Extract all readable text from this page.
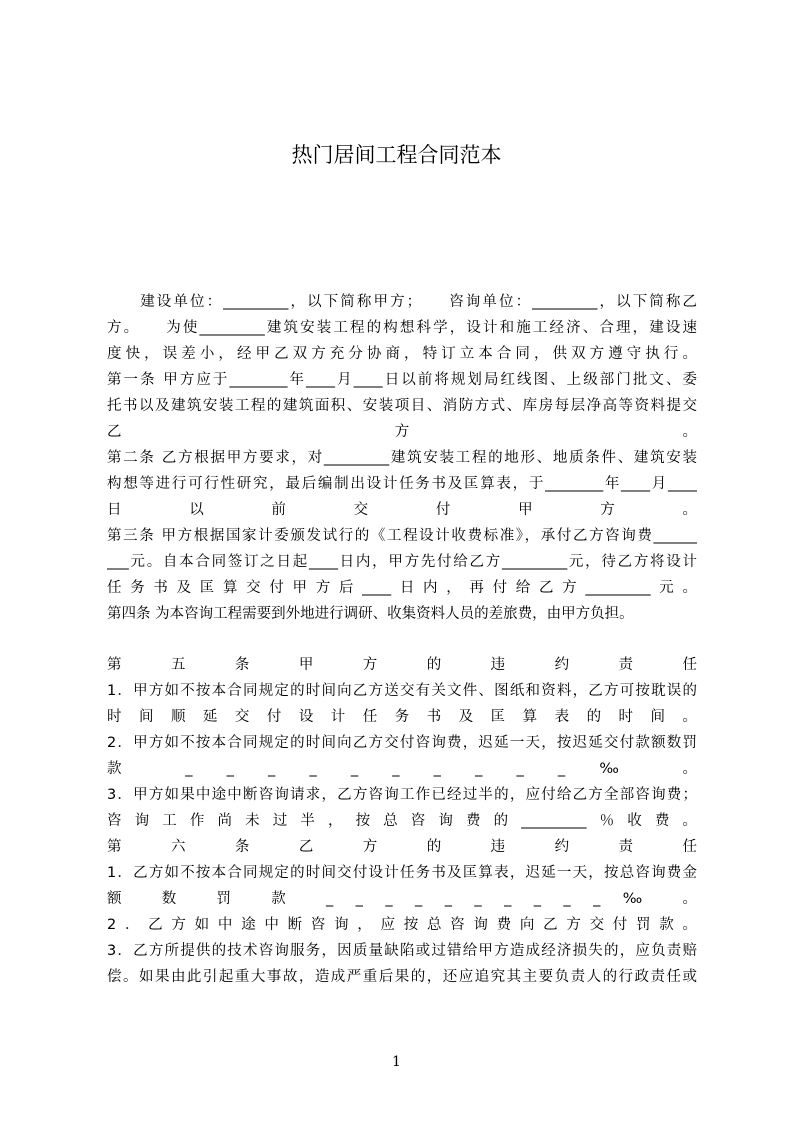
热门居间工程合同范本
　　建设单位：_________，以下简称甲方；　　咨询单位：_________，以下简称乙
方。　　为使_________建筑安装工程的构想科学，设计和施工经济、合理，建设速
度快，误差小，经甲乙双方充分协商，特订立本合同，供双方遵守执行。
第一条 甲方应于________年____月____日以前将规划局红线图、上级部门批文、委
托书以及建筑安装工程的建筑面积、安装项目、消防方式、库房每层净高等资料提交
乙 方 。
第二条 乙方根据甲方要求，对_________建筑安装工程的地形、地质条件、建筑安装
构想等进行可行性研究，最后编制出设计任务书及匡算表，于________年____月____
日 以 前 交 付 甲 方 。
第三条 甲方根据国家计委颁发试行的《工程设计收费标准》，承付乙方咨询费______
___元。自本合同签订之日起____日内，甲方先付给乙方_________元，待乙方将设计
任务书及匡算交付甲方后____日内，再付给乙方_________元。
第四条 为本咨询工程需要到外地进行调研、收集资料人员的差旅费，由甲方负担。
第 五 条 甲 方 的 违 约 责 任
1．甲方如不按本合同规定的时间向乙方送交有关文件、图纸和资料，乙方可按耽误的
时 间 顺 延 交 付 设 计 任 务 书 及 匡 算 表 的 时 间 。
2．甲方如不按本合同规定的时间向乙方交付咨询费，迟延一天，按迟延交付款额数罚
款 _ _ _ _ _ _ _ _ _ _ ‰ 。
3．甲方如果中途中断咨询请求，乙方咨询工作已经过半的，应付给乙方全部咨询费；
咨询工作尚未过半，按总咨询费的_________％收费。
第 六 条 乙 方 的 违 约 责 任
1．乙方如不按本合同规定的时间交付设计任务书及匡算表，迟延一天，按总咨询费金
额 数 罚 款 _ _ _ _ _ _ _ _ _ _ ‰ 。
2．乙方如中途中断咨询，应按总咨询费向乙方交付罚款。
3．乙方所提供的技术咨询服务，因质量缺陷或过错给甲方造成经济损失的，应负责赔
偿。如果由此引起重大事故，造成严重后果的，还应追究其主要负责人的行政责任或
1
